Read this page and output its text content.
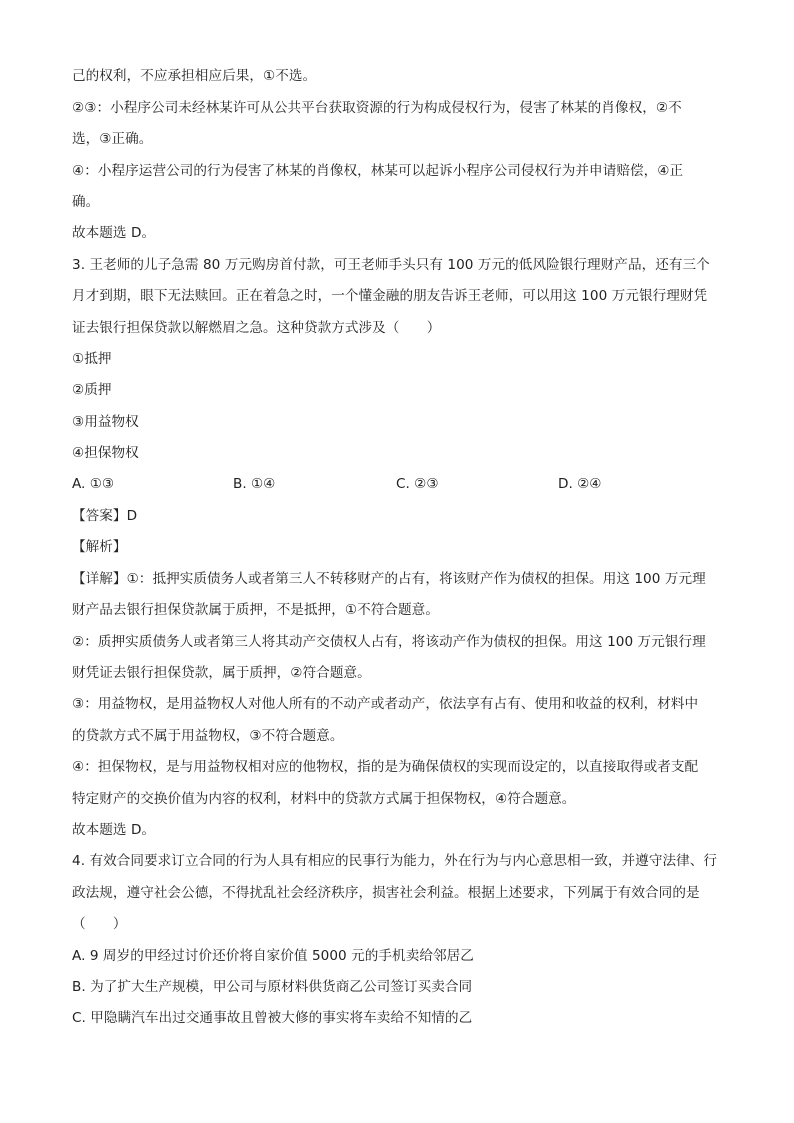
己的权利，不应承担相应后果，①不选。
②③：小程序公司未经林某许可从公共平台获取资源的行为构成侵权行为，侵害了林某的肖像权，②不
选，③正确。
④：小程序运营公司的行为侵害了林某的肖像权，林某可以起诉小程序公司侵权行为并申请赔偿，④正
确。
故本题选 D。
3. 王老师的儿子急需 80 万元购房首付款，可王老师手头只有 100 万元的低风险银行理财产品，还有三个
月才到期，眼下无法赎回。正在着急之时，一个懂金融的朋友告诉王老师，可以用这 100 万元银行理财凭
证去银行担保贷款以解燃眉之急。这种贷款方式涉及（　　）
①抵押
②质押
③用益物权
④担保物权
A. ①③	B. ①④	C. ②③	D. ②④
【答案】D
【解析】
【详解】①：抵押实质债务人或者第三人不转移财产的占有，将该财产作为债权的担保。用这 100 万元理
财产品去银行担保贷款属于质押，不是抵押，①不符合题意。
②：质押实质债务人或者第三人将其动产交债权人占有，将该动产作为债权的担保。用这 100 万元银行理
财凭证去银行担保贷款，属于质押，②符合题意。
③：用益物权，是用益物权人对他人所有的不动产或者动产，依法享有占有、使用和收益的权利，材料中
的贷款方式不属于用益物权，③不符合题意。
④：担保物权，是与用益物权相对应的他物权，指的是为确保债权的实现而设定的，以直接取得或者支配
特定财产的交换价值为内容的权利，材料中的贷款方式属于担保物权，④符合题意。
故本题选 D。
4. 有效合同要求订立合同的行为人具有相应的民事行为能力，外在行为与内心意思相一致，并遵守法律、行
政法规，遵守社会公德，不得扰乱社会经济秩序，损害社会利益。根据上述要求，下列属于有效合同的是
（　　）
A. 9 周岁的甲经过讨价还价将自家价值 5000 元的手机卖给邻居乙
B. 为了扩大生产规模，甲公司与原材料供货商乙公司签订买卖合同
C. 甲隐瞒汽车出过交通事故且曾被大修的事实将车卖给不知情的乙
